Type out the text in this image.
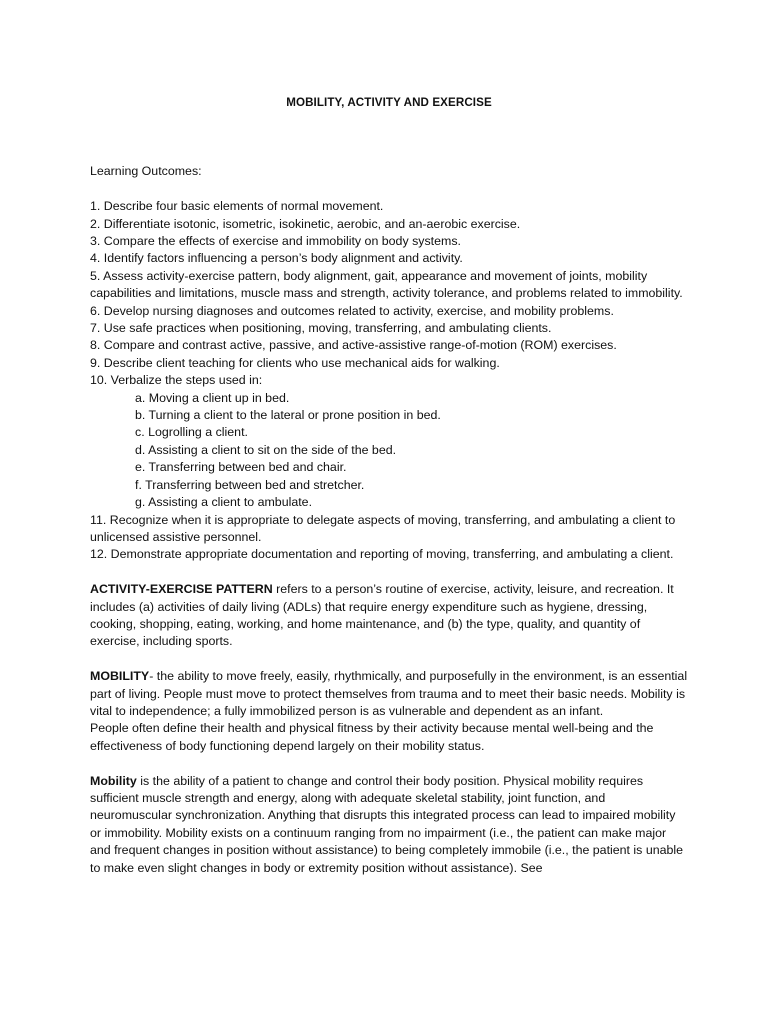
MOBILITY, ACTIVITY AND EXERCISE

Learning Outcomes:

1. Describe four basic elements of normal movement.
2. Differentiate isotonic, isometric, isokinetic, aerobic, and an-aerobic exercise.
3. Compare the effects of exercise and immobility on body systems.
4. Identify factors influencing a person’s body alignment and activity.
5. Assess activity-exercise pattern, body alignment, gait, appearance and movement of joints, mobility capabilities and limitations, muscle mass and strength, activity tolerance, and problems related to immobility.
6. Develop nursing diagnoses and outcomes related to activity, exercise, and mobility problems.
7. Use safe practices when positioning, moving, transferring, and ambulating clients.
8. Compare and contrast active, passive, and active-assistive range-of-motion (ROM) exercises.
9. Describe client teaching for clients who use mechanical aids for walking.
10. Verbalize the steps used in:
a. Moving a client up in bed.
b. Turning a client to the lateral or prone position in bed.
c. Logrolling a client.
d. Assisting a client to sit on the side of the bed.
e. Transferring between bed and chair.
f. Transferring between bed and stretcher.
g. Assisting a client to ambulate.
11. Recognize when it is appropriate to delegate aspects of moving, transferring, and ambulating a client to unlicensed assistive personnel.
12. Demonstrate appropriate documentation and reporting of moving, transferring, and ambulating a client.

ACTIVITY-EXERCISE PATTERN refers to a person’s routine of exercise, activity, leisure, and recreation. It includes (a) activities of daily living (ADLs) that require energy expenditure such as hygiene, dressing, cooking, shopping, eating, working, and home maintenance, and (b) the type, quality, and quantity of exercise, including sports.

MOBILITY- the ability to move freely, easily, rhythmically, and purposefully in the environment, is an essential part of living. People must move to protect themselves from trauma and to meet their basic needs. Mobility is vital to independence; a fully immobilized person is as vulnerable and dependent as an infant.

People often define their health and physical fitness by their activity because mental well-being and the effectiveness of body functioning depend largely on their mobility status.

Mobility is the ability of a patient to change and control their body position. Physical mobility requires sufficient muscle strength and energy, along with adequate skeletal stability, joint function, and neuromuscular synchronization. Anything that disrupts this integrated process can lead to impaired mobility or immobility. Mobility exists on a continuum ranging from no impairment (i.e., the patient can make major and frequent changes in position without assistance) to being completely immobile (i.e., the patient is unable to make even slight changes in body or extremity position without assistance). See
